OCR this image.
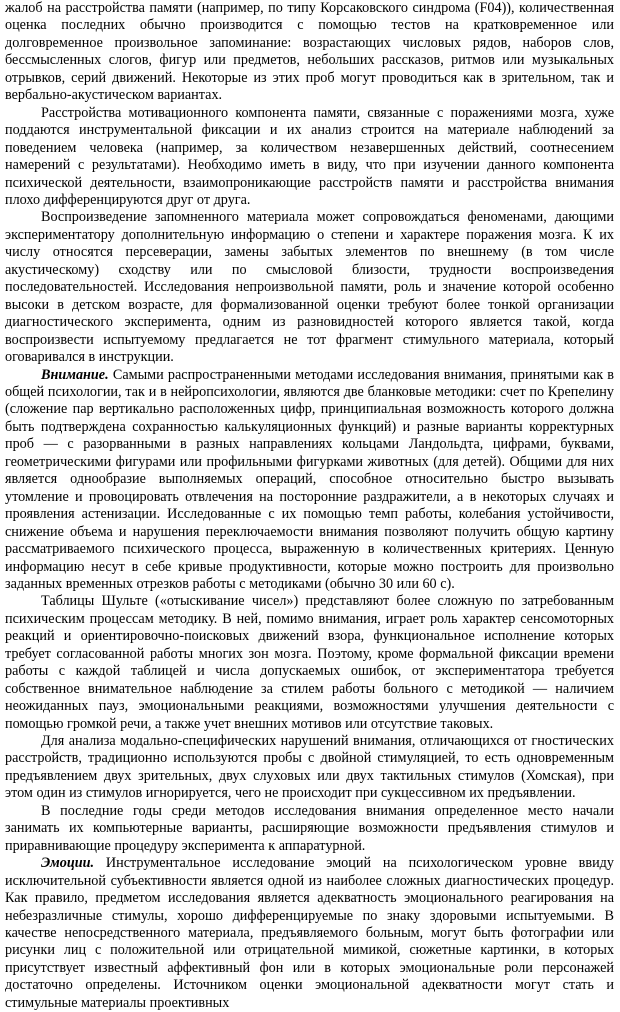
жалоб на расстройства памяти (например, по типу Корсаковского синдрома (F04)), количественная оценка последних обычно производится с помощью тестов на кратковременное или долговременное произвольное запоминание: возрастающих числовых рядов, наборов слов, бессмысленных слогов, фигур или предметов, небольших рассказов, ритмов или музыкальных отрывков, серий движений. Некоторые из этих проб могут проводиться как в зрительном, так и вербально-акустическом вариантах.

Расстройства мотивационного компонента памяти, связанные с поражениями мозга, хуже поддаются инструментальной фиксации и их анализ строится на материале наблюдений за поведением человека (например, за количеством незавершенных действий, соотнесением намерений с результатами). Необходимо иметь в виду, что при изучении данного компонента психической деятельности, взаимопроникающие расстройств памяти и расстройства внимания плохо дифференцируются друг от друга.

Воспроизведение запомненного материала может сопровождаться феноменами, дающими экспериментатору дополнительную информацию о степени и характере поражения мозга. К их числу относятся персеверации, замены забытых элементов по внешнему (в том числе акустическому) сходству или по смысловой близости, трудности воспроизведения последовательностей. Исследования непроизвольной памяти, роль и значение которой особенно высоки в детском возрасте, для формализованной оценки требуют более тонкой организации диагностического эксперимента, одним из разновидностей которого является такой, когда воспроизвести испытуемому предлагается не тот фрагмент стимульного материала, который оговаривался в инструкции.

Внимание. Самыми распространенными методами исследования внимания, принятыми как в общей психологии, так и в нейропсихологии, являются две бланковые методики: счет по Крепелину (сложение пар вертикально расположенных цифр, принципиальная возможность которого должна быть подтверждена сохранностью калькуляционных функций) и разные варианты корректурных проб — с разорванными в разных направлениях кольцами Ландольдта, цифрами, буквами, геометрическими фигурами или профильными фигурками животных (для детей). Общими для них является однообразие выполняемых операций, способное относительно быстро вызывать утомление и провоцировать отвлечения на посторонние раздражители, а в некоторых случаях и проявления астенизации. Исследованные с их помощью темп работы, колебания устойчивости, снижение объема и нарушения переключаемости внимания позволяют получить общую картину рассматриваемого психического процесса, выраженную в количественных критериях. Ценную информацию несут в себе кривые продуктивности, которые можно построить для произвольно заданных временных отрезков работы с методиками (обычно 30 или 60 с).

Таблицы Шульте («отыскивание чисел») представляют более сложную по затребованным психическим процессам методику. В ней, помимо внимания, играет роль характер сенсомоторных реакций и ориентировочно-поисковых движений взора, функциональное исполнение которых требует согласованной работы многих зон мозга. Поэтому, кроме формальной фиксации времени работы с каждой таблицей и числа допускаемых ошибок, от экспериментатора требуется собственное внимательное наблюдение за стилем работы больного с методикой — наличием неожиданных пауз, эмоциональными реакциями, возможностями улучшения деятельности с помощью громкой речи, а также учет внешних мотивов или отсутствие таковых.

Для анализа модально-специфических нарушений внимания, отличающихся от гностических расстройств, традиционно используются пробы с двойной стимуляцией, то есть одновременным предъявлением двух зрительных, двух слуховых или двух тактильных стимулов (Хомская), при этом один из стимулов игнорируется, чего не происходит при сукцессивном их предъявлении.

В последние годы среди методов исследования внимания определенное место начали занимать их компьютерные варианты, расширяющие возможности предъявления стимулов и приравнивающие процедуру эксперимента к аппаратурной.

Эмоции. Инструментальное исследование эмоций на психологическом уровне ввиду исключительной субъективности является одной из наиболее сложных диагностических процедур. Как правило, предметом исследования является адекватность эмоционального реагирования на небезразличные стимулы, хорошо дифференцируемые по знаку здоровыми испытуемыми. В качестве непосредственного материала, предъявляемого больным, могут быть фотографии или рисунки лиц с положительной или отрицательной мимикой, сюжетные картинки, в которых присутствует известный аффективный фон или в которых эмоциональные роли персонажей достаточно определены. Источником оценки эмоциональной адекватности могут стать и стимульные материалы проективных
